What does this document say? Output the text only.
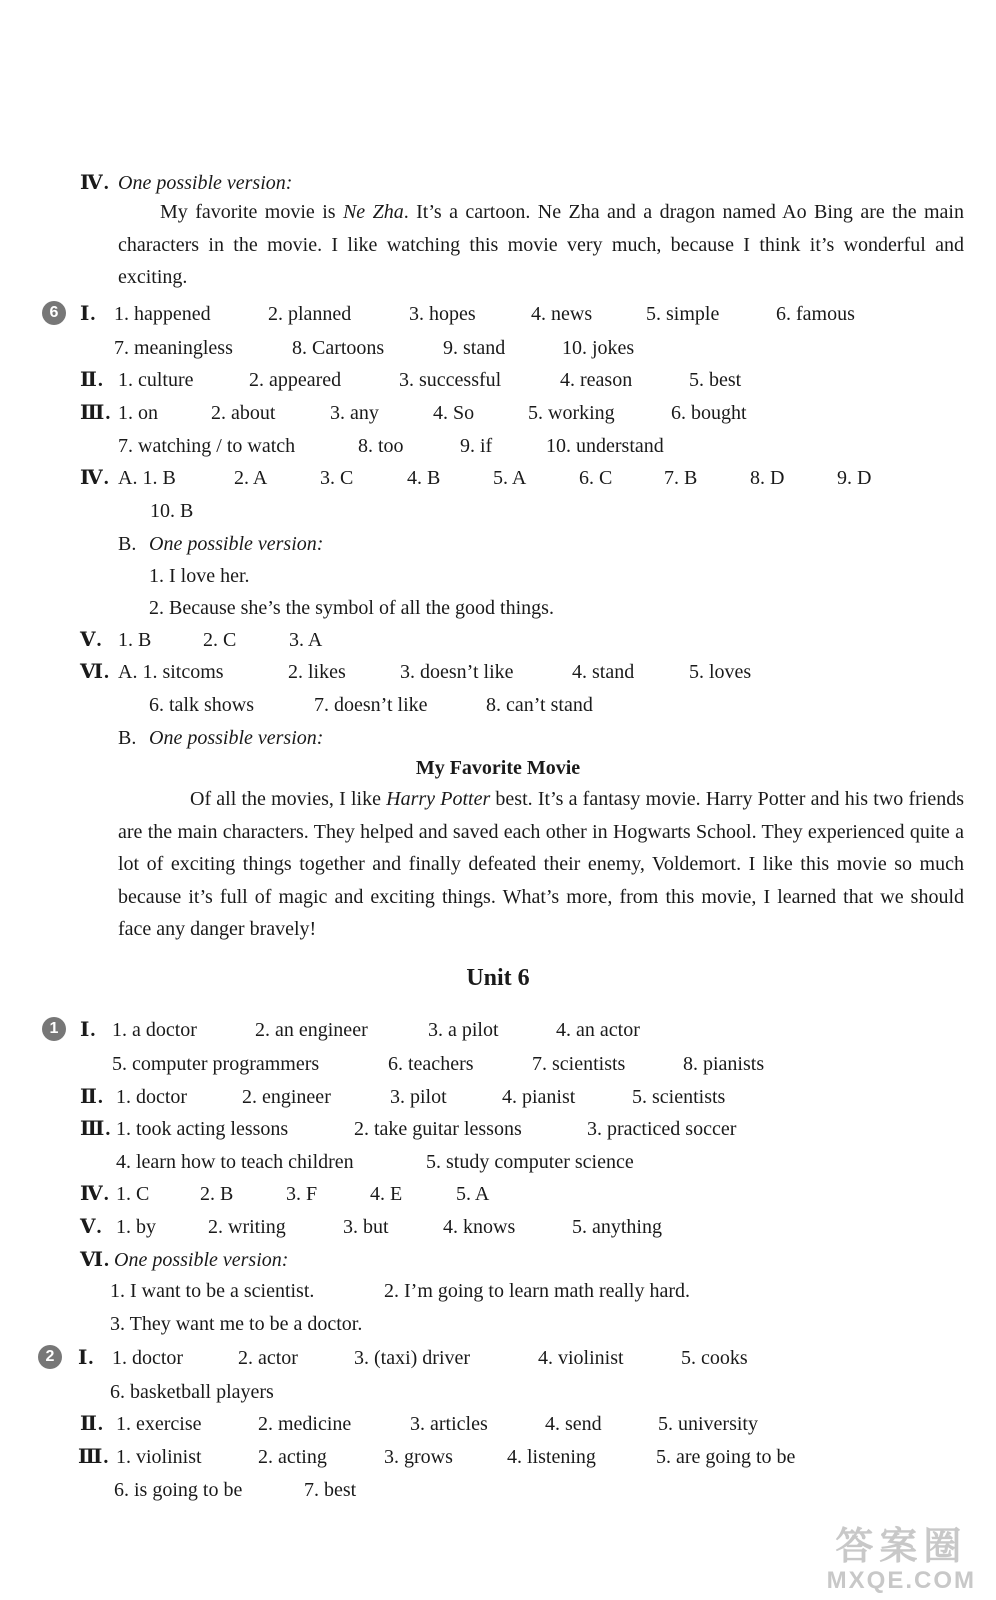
Ⅳ. One possible version:
My favorite movie is Ne Zha. It’s a cartoon. Ne Zha and a dragon named Ao Bing are the main characters in the movie. I like watching this movie very much, because I think it’s wonderful and exciting.
6	Ⅰ. 1. happened	2. planned	3. hopes	4. news	5. simple	6. famous
7. meaningless	8. Cartoons	9. stand	10. jokes
Ⅱ. 1. culture	2. appeared	3. successful	4. reason	5. best
Ⅲ. 1. on	2. about	3. any	4. So	5. working	6. bought
7. watching / to watch	8. too	9. if	10. understand
Ⅳ. A. 1. B	2. A	3. C	4. B	5. A	6. C	7. B	8. D	9. D
10. B
B. One possible version:
1. I love her.
2. Because she’s the symbol of all the good things.
Ⅴ. 1. B	2. C	3. A
Ⅵ. A. 1. sitcoms	2. likes	3. doesn’t like	4. stand	5. loves
6. talk shows	7. doesn’t like	8. can’t stand
B. One possible version:
My Favorite Movie
Of all the movies, I like Harry Potter best. It’s a fantasy movie. Harry Potter and his two friends are the main characters. They helped and saved each other in Hogwarts School. They experienced quite a lot of exciting things together and finally defeated their enemy, Voldemort. I like this movie so much because it’s full of magic and exciting things. What’s more, from this movie, I learned that we should face any danger bravely!
Unit 6
1	Ⅰ. 1. a doctor	2. an engineer	3. a pilot	4. an actor
5. computer programmers	6. teachers	7. scientists	8. pianists
Ⅱ. 1. doctor	2. engineer	3. pilot	4. pianist	5. scientists
Ⅲ. 1. took acting lessons	2. take guitar lessons	3. practiced soccer
4. learn how to teach children	5. study computer science
Ⅳ. 1. C	2. B	3. F	4. E	5. A
Ⅴ. 1. by	2. writing	3. but	4. knows	5. anything
Ⅵ. One possible version:
1. I want to be a scientist.	2. I’m going to learn math really hard.
3. They want me to be a doctor.
2	Ⅰ. 1. doctor	2. actor	3. (taxi) driver	4. violinist	5. cooks
6. basketball players
Ⅱ. 1. exercise	2. medicine	3. articles	4. send	5. university
Ⅲ. 1. violinist	2. acting	3. grows	4. listening	5. are going to be
6. is going to be	7. best
答案圈
MXQE.COM
